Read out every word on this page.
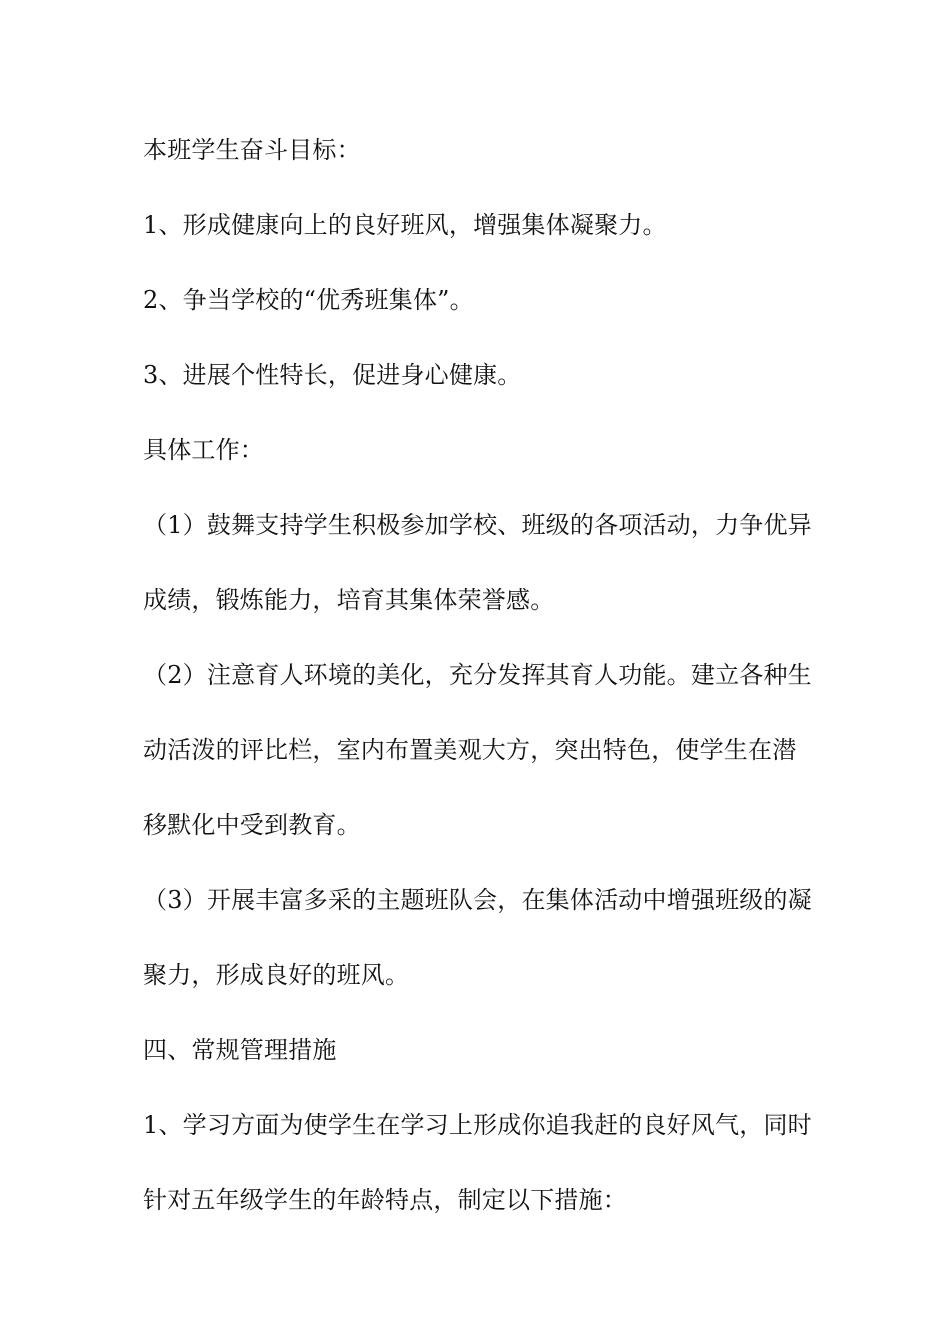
本班学生奋斗目标：
1、形成健康向上的良好班风，增强集体凝聚力。
2、争当学校的“优秀班集体”。
3、进展个性特长，促进身心健康。
具体工作：
（1）鼓舞支持学生积极参加学校、班级的各项活动，力争优异
成绩，锻炼能力，培育其集体荣誉感。
（2）注意育人环境的美化，充分发挥其育人功能。建立各种生
动活泼的评比栏，室内布置美观大方，突出特色，使学生在潜
移默化中受到教育。
（3）开展丰富多采的主题班队会，在集体活动中增强班级的凝
聚力，形成良好的班风。
四、常规管理措施
1、学习方面为使学生在学习上形成你追我赶的良好风气，同时
针对五年级学生的年龄特点，制定以下措施：
